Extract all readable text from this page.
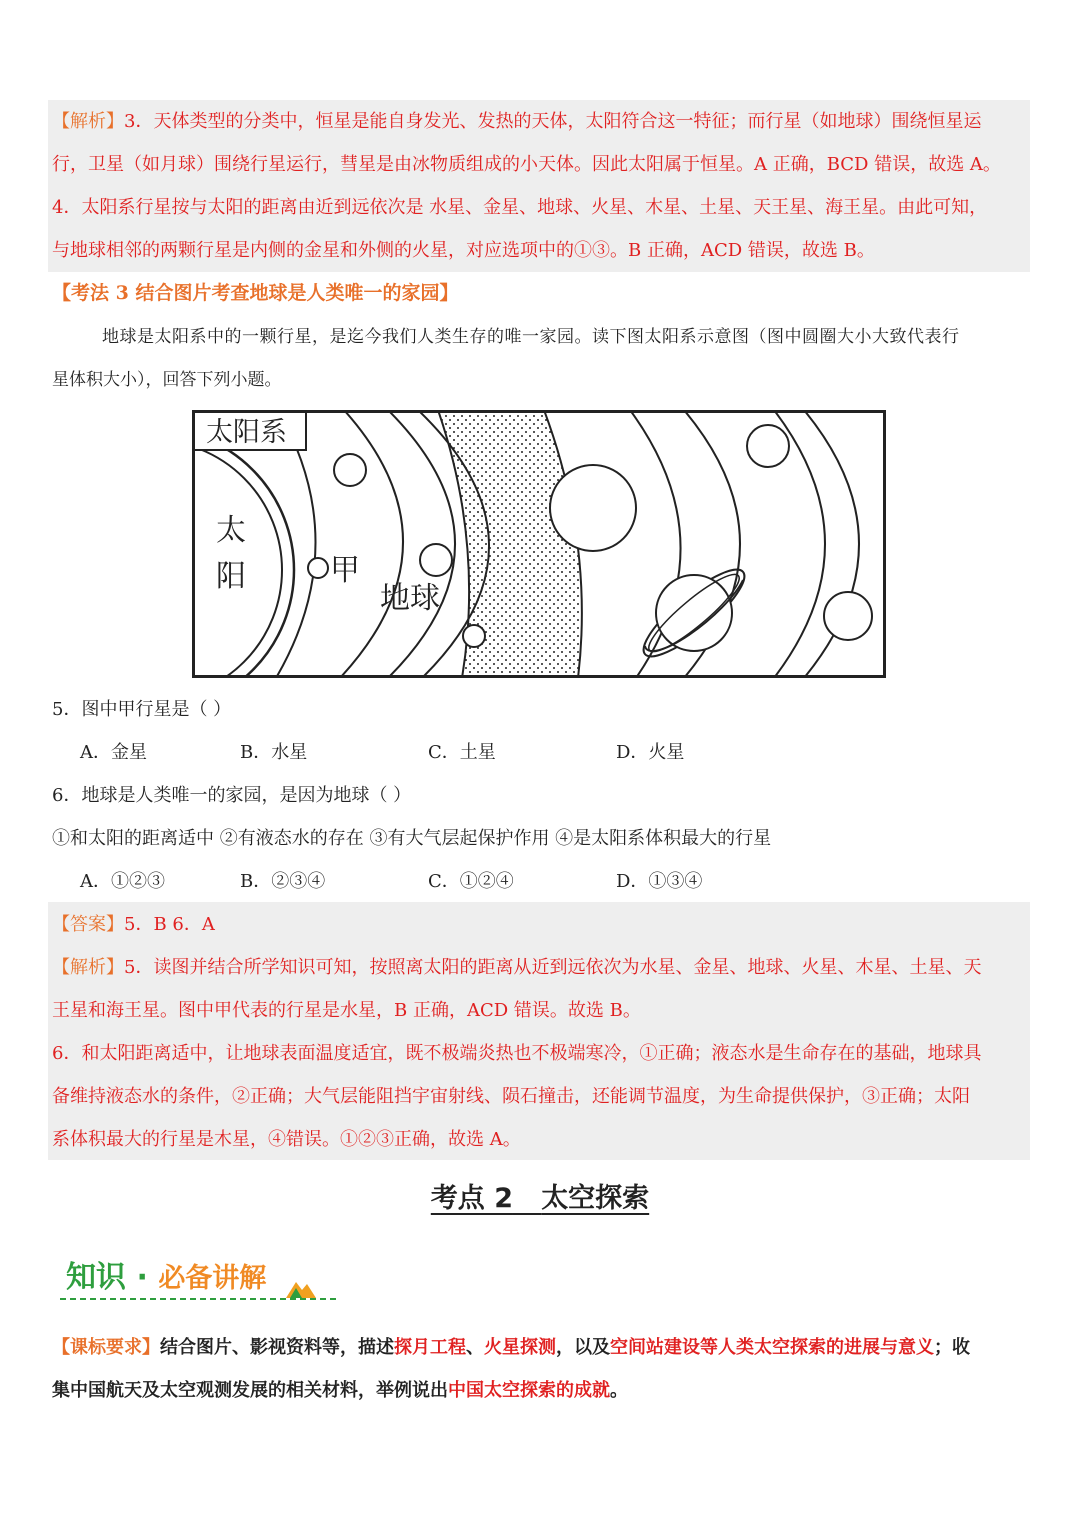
【解析】3．天体类型的分类中，恒星是能自身发光、发热的天体，太阳符合这一特征；而行星（如地球）围绕恒星运
行，卫星（如月球）围绕行星运行，彗星是由冰物质组成的小天体。因此太阳属于恒星。A 正确，BCD 错误，故选 A。
4．太阳系行星按与太阳的距离由近到远依次是 水星、金星、地球、火星、木星、土星、天王星、海王星。由此可知，
与地球相邻的两颗行星是内侧的金星和外侧的火星，对应选项中的①③。B 正确，ACD 错误，故选 B。
【考法 3 结合图片考查地球是人类唯一的家园】
地球是太阳系中的一颗行星，是迄今我们人类生存的唯一家园。读下图太阳系示意图（图中圆圈大小大致代表行
星体积大小），回答下列小题。
太阳系
太
阳	甲
地球
5．图中甲行星是（ ）
A．金星	B．水星	C．土星	D．火星
6．地球是人类唯一的家园，是因为地球（ ）
①和太阳的距离适中 ②有液态水的存在 ③有大气层起保护作用 ④是太阳系体积最大的行星
A．①②③	B．②③④	C．①②④	D．①③④
【答案】5．B 6．A
【解析】5．读图并结合所学知识可知，按照离太阳的距离从近到远依次为水星、金星、地球、火星、木星、土星、天
王星和海王星。图中甲代表的行星是水星，B 正确，ACD 错误。故选 B。
6．和太阳距离适中，让地球表面温度适宜，既不极端炎热也不极端寒冷，①正确；液态水是生命存在的基础，地球具
备维持液态水的条件，②正确；大气层能阻挡宇宙射线、陨石撞击，还能调节温度，为生命提供保护，③正确；太阳
系体积最大的行星是木星，④错误。①②③正确，故选 A。
考点 2 太空探索
知识 · 必备讲解
【课标要求】结合图片、影视资料等，描述探月工程、火星探测，以及空间站建设等人类太空探索的进展与意义；收
集中国航天及太空观测发展的相关材料，举例说出中国太空探索的成就。
